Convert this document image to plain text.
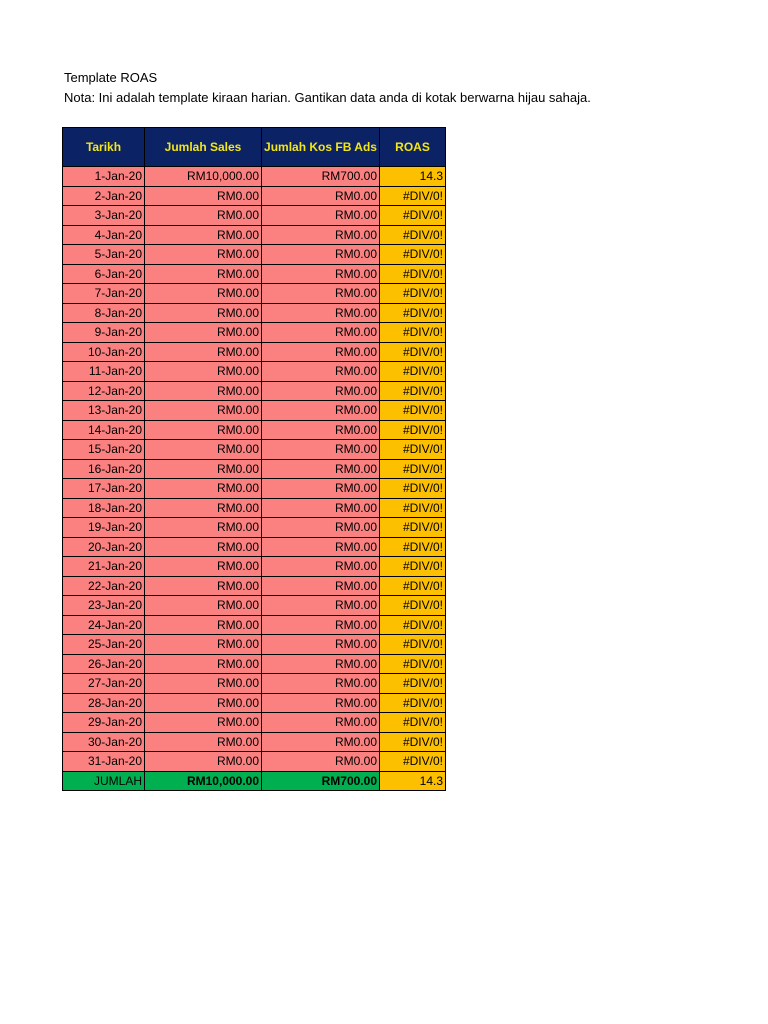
Template ROAS
Nota: Ini adalah template kiraan harian. Gantikan data anda di kotak berwarna hijau sahaja.
Tarikh	Jumlah Sales	Jumlah Kos FB Ads	ROAS
1-Jan-20	RM10,000.00	RM700.00	14.3
2-Jan-20	RM0.00	RM0.00	#DIV/0!
3-Jan-20	RM0.00	RM0.00	#DIV/0!
4-Jan-20	RM0.00	RM0.00	#DIV/0!
5-Jan-20	RM0.00	RM0.00	#DIV/0!
6-Jan-20	RM0.00	RM0.00	#DIV/0!
7-Jan-20	RM0.00	RM0.00	#DIV/0!
8-Jan-20	RM0.00	RM0.00	#DIV/0!
9-Jan-20	RM0.00	RM0.00	#DIV/0!
10-Jan-20	RM0.00	RM0.00	#DIV/0!
11-Jan-20	RM0.00	RM0.00	#DIV/0!
12-Jan-20	RM0.00	RM0.00	#DIV/0!
13-Jan-20	RM0.00	RM0.00	#DIV/0!
14-Jan-20	RM0.00	RM0.00	#DIV/0!
15-Jan-20	RM0.00	RM0.00	#DIV/0!
16-Jan-20	RM0.00	RM0.00	#DIV/0!
17-Jan-20	RM0.00	RM0.00	#DIV/0!
18-Jan-20	RM0.00	RM0.00	#DIV/0!
19-Jan-20	RM0.00	RM0.00	#DIV/0!
20-Jan-20	RM0.00	RM0.00	#DIV/0!
21-Jan-20	RM0.00	RM0.00	#DIV/0!
22-Jan-20	RM0.00	RM0.00	#DIV/0!
23-Jan-20	RM0.00	RM0.00	#DIV/0!
24-Jan-20	RM0.00	RM0.00	#DIV/0!
25-Jan-20	RM0.00	RM0.00	#DIV/0!
26-Jan-20	RM0.00	RM0.00	#DIV/0!
27-Jan-20	RM0.00	RM0.00	#DIV/0!
28-Jan-20	RM0.00	RM0.00	#DIV/0!
29-Jan-20	RM0.00	RM0.00	#DIV/0!
30-Jan-20	RM0.00	RM0.00	#DIV/0!
31-Jan-20	RM0.00	RM0.00	#DIV/0!
JUMLAH	RM10,000.00	RM700.00	14.3
